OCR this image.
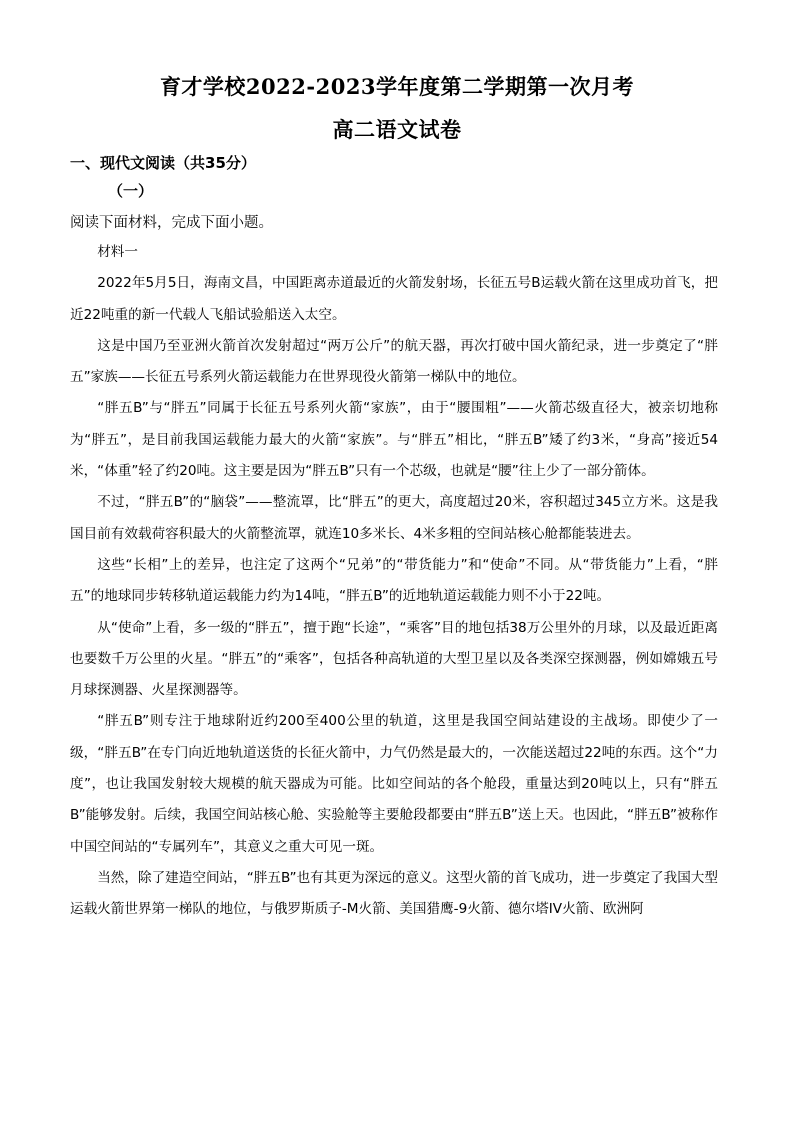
育才学校2022-2023学年度第二学期第一次月考
高二语文试卷
一、现代文阅读（共35分）
（一）
阅读下面材料，完成下面小题。

材料一

2022年5月5日，海南文昌，中国距离赤道最近的火箭发射场，长征五号B运载火箭在这里成功首飞，把近22吨重的新一代载人飞船试验船送入太空。

这是中国乃至亚洲火箭首次发射超过“两万公斤”的航天器，再次打破中国火箭纪录，进一步奠定了“胖五”家族——长征五号系列火箭运载能力在世界现役火箭第一梯队中的地位。

“胖五B”与“胖五”同属于长征五号系列火箭“家族”，由于“腰围粗”——火箭芯级直径大，被亲切地称为“胖五”，是目前我国运载能力最大的火箭“家族”。与“胖五”相比，“胖五B”矮了约3米，“身高”接近54米，“体重”轻了约20吨。这主要是因为“胖五B”只有一个芯级，也就是“腰”往上少了一部分箭体。

不过，“胖五B”的“脑袋”——整流罩，比“胖五”的更大，高度超过20米，容积超过345立方米。这是我国目前有效载荷容积最大的火箭整流罩，就连10多米长、4米多粗的空间站核心舱都能装进去。

这些“长相”上的差异，也注定了这两个“兄弟”的“带货能力”和“使命”不同。从“带货能力”上看，“胖五”的地球同步转移轨道运载能力约为14吨，“胖五B”的近地轨道运载能力则不小于22吨。

从“使命”上看，多一级的“胖五”，擅于跑“长途”，“乘客”目的地包括38万公里外的月球，以及最近距离也要数千万公里的火星。“胖五”的“乘客”，包括各种高轨道的大型卫星以及各类深空探测器，例如嫦娥五号月球探测器、火星探测器等。

“胖五B”则专注于地球附近约200至400公里的轨道，这里是我国空间站建设的主战场。即使少了一级，“胖五B”在专门向近地轨道送货的长征火箭中，力气仍然是最大的，一次能送超过22吨的东西。这个“力度”，也让我国发射较大规模的航天器成为可能。比如空间站的各个舱段，重量达到20吨以上，只有“胖五B”能够发射。后续，我国空间站核心舱、实验舱等主要舱段都要由“胖五B”送上天。也因此，“胖五B”被称作中国空间站的“专属列车”，其意义之重大可见一斑。

当然，除了建造空间站，“胖五B”也有其更为深远的意义。这型火箭的首飞成功，进一步奠定了我国大型运载火箭世界第一梯队的地位，与俄罗斯质子-M火箭、美国猎鹰-9火箭、德尔塔IV火箭、欧洲阿
